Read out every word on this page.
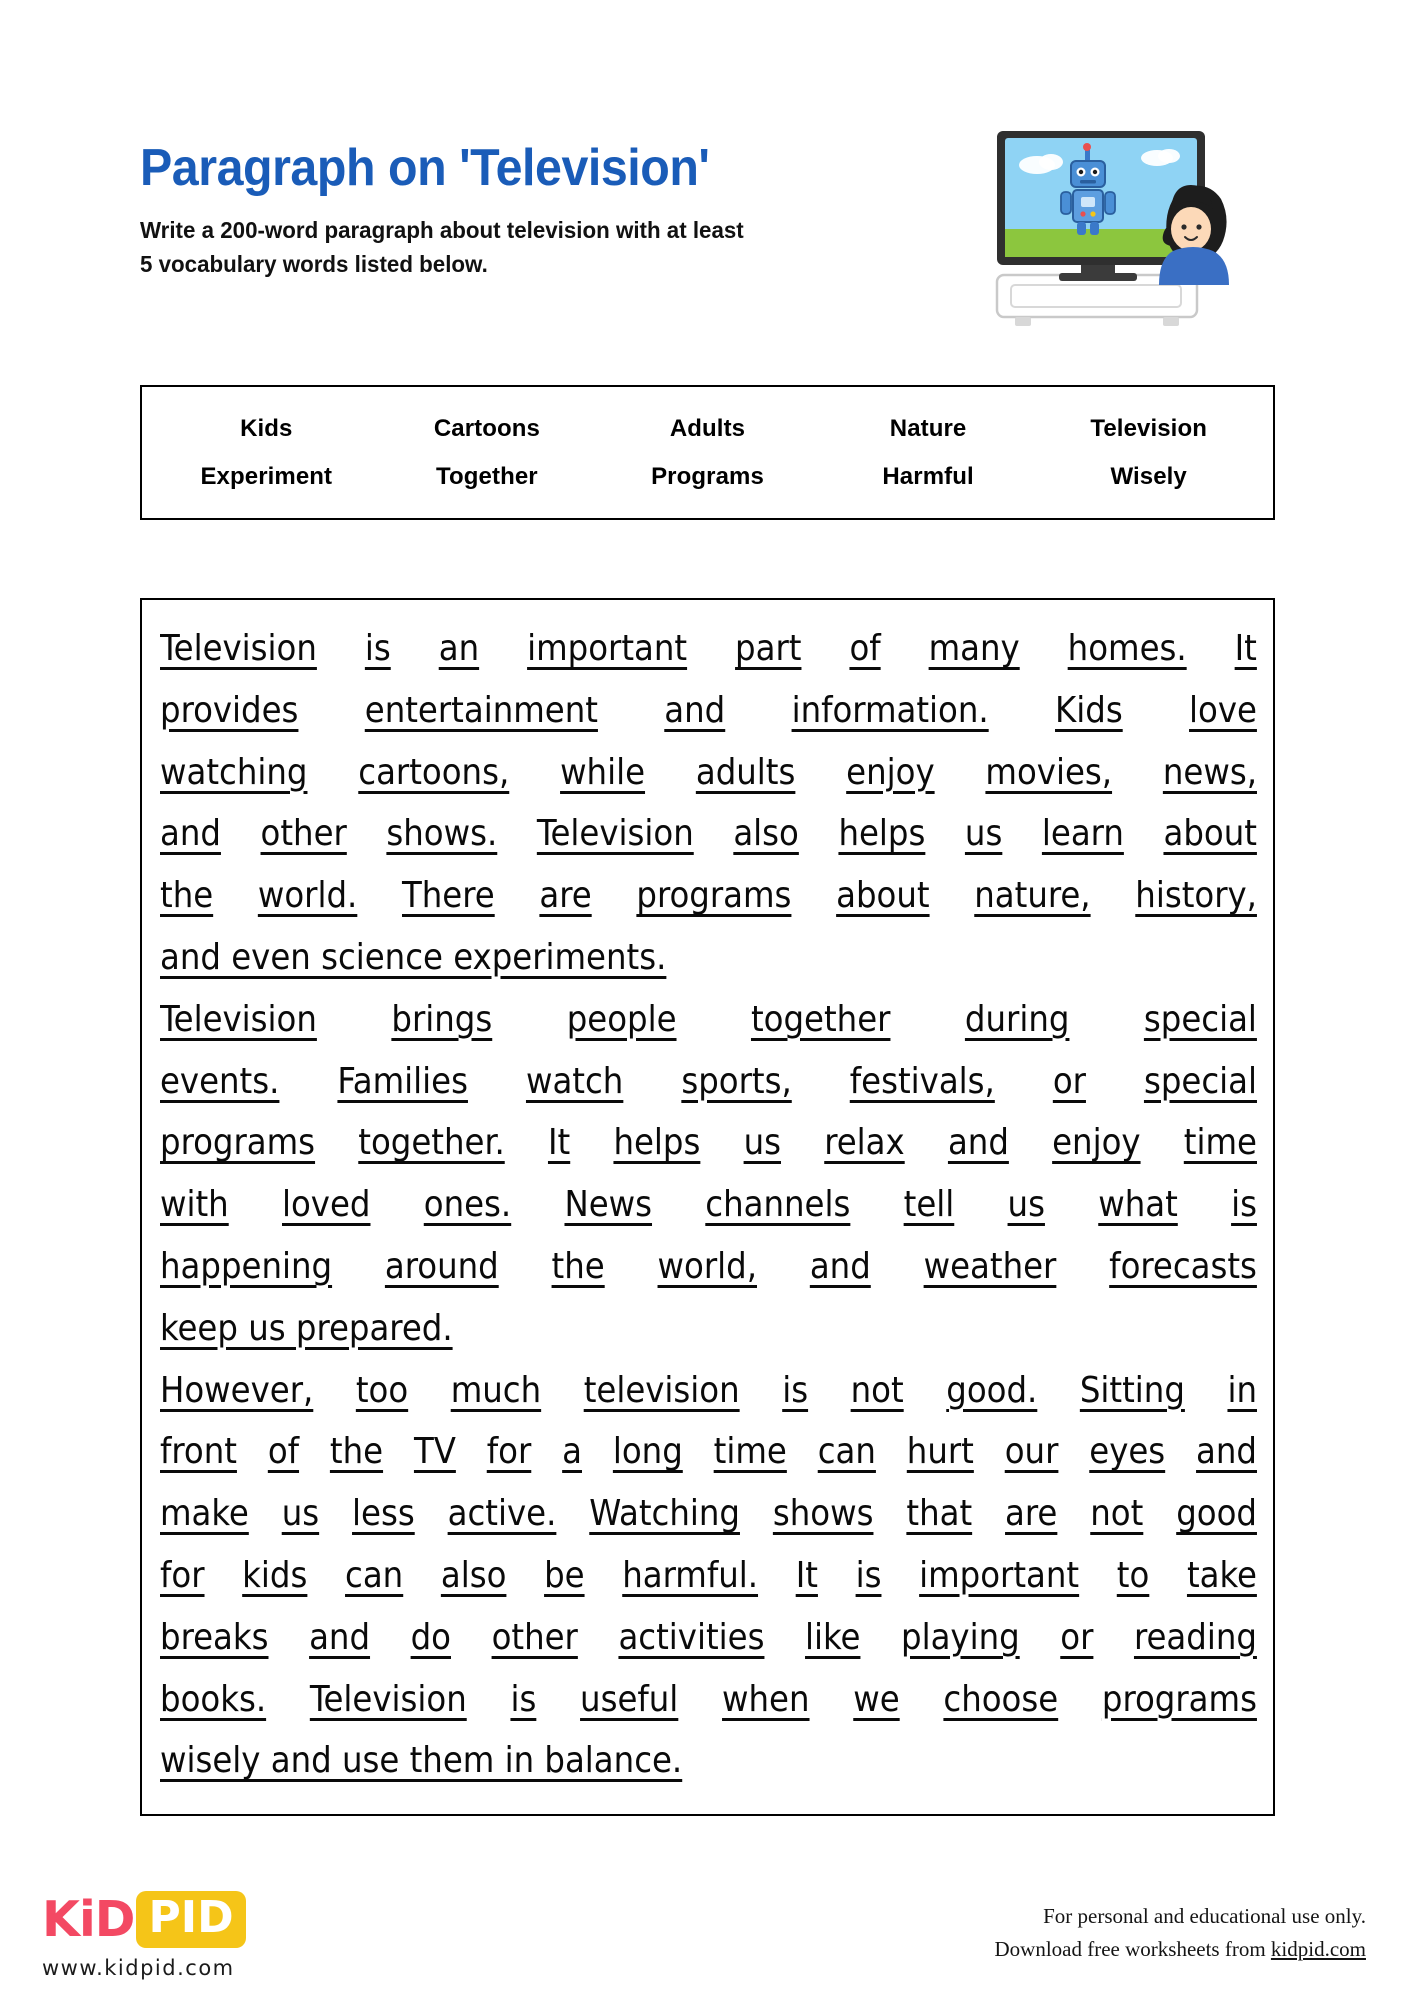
Paragraph on 'Television'
Write a 200-word paragraph about television with at least
5 vocabulary words listed below.
Kids	Cartoons	Adults	Nature	Television
Experiment	Together	Programs	Harmful	Wisely
Television is an important part of many homes. It
provides entertainment and information. Kids love
watching cartoons, while adults enjoy movies, news,
and other shows. Television also helps us learn about
the world. There are programs about nature, history,
and even science experiments.
Television brings people together during special
events. Families watch sports, festivals, or special
programs together. It helps us relax and enjoy time
with loved ones. News channels tell us what is
happening around the world, and weather forecasts
keep us prepared.
However, too much television is not good. Sitting in
front of the TV for a long time can hurt our eyes and
make us less active. Watching shows that are not good
for kids can also be harmful. It is important to take
breaks and do other activities like playing or reading
books. Television is useful when we choose programs
wisely and use them in balance.
KiD PID
www.kidpid.com
For personal and educational use only.
Download free worksheets from kidpid.com
